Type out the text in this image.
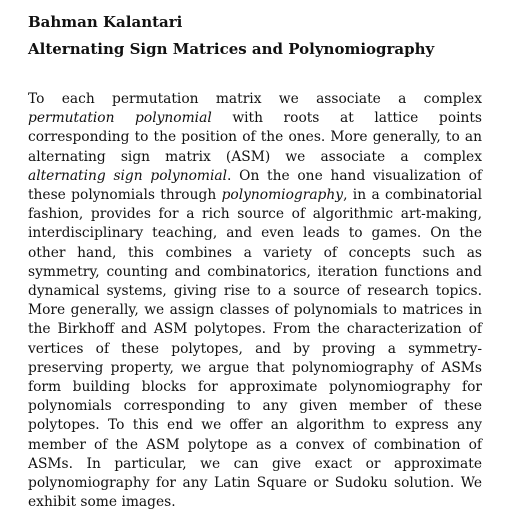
Bahman Kalantari
Alternating Sign Matrices and Polynomiography
To each permutation matrix we associate a complex permutation polynomial with roots at lattice points corresponding to the position of the ones. More generally, to an alternating sign matrix (ASM) we associate a complex alternating sign polynomial. On the one hand visualization of these polynomials through polynomiography, in a combinatorial fashion, provides for a rich source of algorithmic art-making, interdisciplinary teaching, and even leads to games. On the other hand, this combines a variety of concepts such as symmetry, counting and combinatorics, iteration functions and dynamical systems, giving rise to a source of research topics. More generally, we assign classes of polynomials to matrices in the Birkhoff and ASM polytopes. From the characterization of vertices of these polytopes, and by proving a symmetry-preserving property, we argue that polynomiography of ASMs form building blocks for approximate polynomiography for polynomials corresponding to any given member of these polytopes. To this end we offer an algorithm to express any member of the ASM polytope as a convex of combination of ASMs. In particular, we can give exact or approximate polynomiography for any Latin Square or Sudoku solution. We exhibit some images.
